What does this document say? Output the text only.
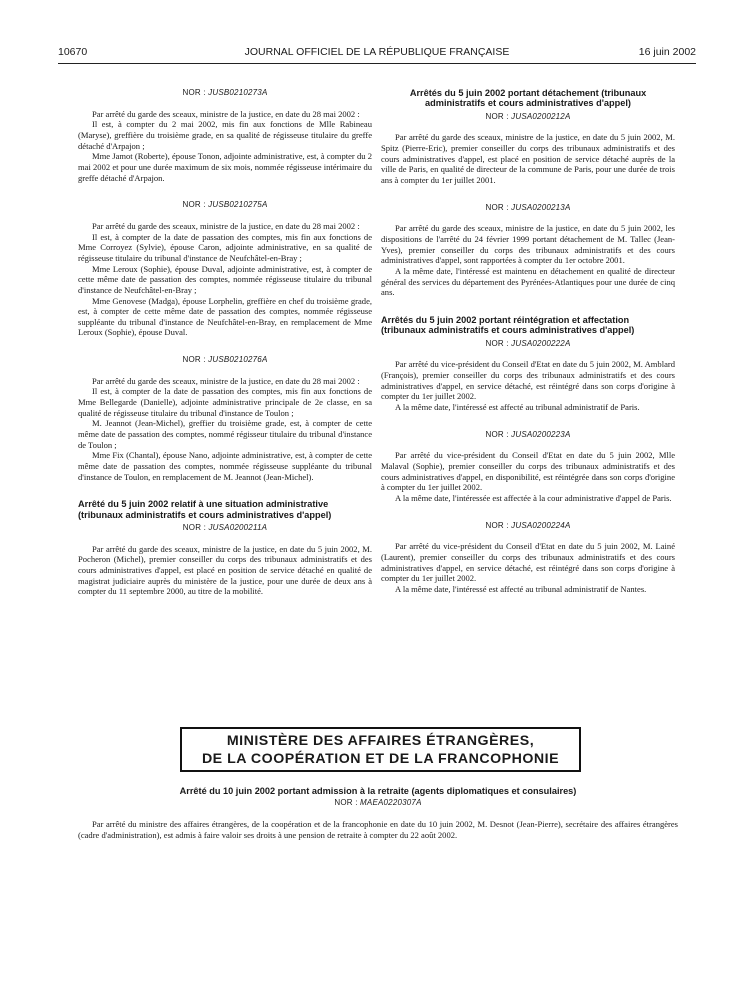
10670	JOURNAL OFFICIEL DE LA RÉPUBLIQUE FRANÇAISE	16 juin 2002

NOR : JUSB0210273A

Par arrêté du garde des sceaux, ministre de la justice, en date du 28 mai 2002 :

Il est, à compter du 2 mai 2002, mis fin aux fonctions de Mlle Rabineau (Maryse), greffière du troisième grade, en sa qualité de régisseuse titulaire du greffe détaché d'Arpajon ;

Mme Jamot (Roberte), épouse Tonon, adjointe administrative, est, à compter du 2 mai 2002 et pour une durée maximum de six mois, nommée régisseuse intérimaire du greffe détaché d'Arpajon.

NOR : JUSB0210275A

Par arrêté du garde des sceaux, ministre de la justice, en date du 28 mai 2002 :

Il est, à compter de la date de passation des comptes, mis fin aux fonctions de Mme Corroyez (Sylvie), épouse Caron, adjointe administrative, en sa qualité de régisseuse titulaire du tribunal d'instance de Neufchâtel-en-Bray ;

Mme Leroux (Sophie), épouse Duval, adjointe administrative, est, à compter de cette même date de passation des comptes, nommée régisseuse titulaire du tribunal d'instance de Neufchâtel-en-Bray ;

Mme Genovese (Madga), épouse Lorphelin, greffière en chef du troisième grade, est, à compter de cette même date de passation des comptes, nommée régisseuse suppléante du tribunal d'instance de Neufchâtel-en-Bray, en remplacement de Mme Leroux (Sophie), épouse Duval.

NOR : JUSB0210276A

Par arrêté du garde des sceaux, ministre de la justice, en date du 28 mai 2002 :

Il est, à compter de la date de passation des comptes, mis fin aux fonctions de Mme Bellegarde (Danielle), adjointe administrative principale de 2e classe, en sa qualité de régisseuse titulaire du tribunal d'instance de Toulon ;

M. Jeannot (Jean-Michel), greffier du troisième grade, est, à compter de cette même date de passation des comptes, nommé régisseur titulaire du tribunal d'instance de Toulon ;

Mme Fix (Chantal), épouse Nano, adjointe administrative, est, à compter de cette même date de passation des comptes, nommée régisseuse suppléante du tribunal d'instance de Toulon, en remplacement de M. Jeannot (Jean-Michel).

Arrêté du 5 juin 2002 relatif à une situation administrative (tribunaux administratifs et cours administratives d'appel)

NOR : JUSA0200211A

Par arrêté du garde des sceaux, ministre de la justice, en date du 5 juin 2002, M. Pocheron (Michel), premier conseiller du corps des tribunaux administratifs et des cours administratives d'appel, est placé en position de service détaché en qualité de magistrat judiciaire auprès du ministère de la justice, pour une durée de deux ans à compter du 11 septembre 2000, au titre de la mobilité.

Arrêtés du 5 juin 2002 portant détachement (tribunaux administratifs et cours administratives d'appel)

NOR : JUSA0200212A

Par arrêté du garde des sceaux, ministre de la justice, en date du 5 juin 2002, M. Spitz (Pierre-Eric), premier conseiller du corps des tribunaux administratifs et des cours administratives d'appel, est placé en position de service détaché auprès de la ville de Paris, en qualité de directeur de la commune de Paris, pour une durée de trois ans à compter du 1er juillet 2001.

NOR : JUSA0200213A

Par arrêté du garde des sceaux, ministre de la justice, en date du 5 juin 2002, les dispositions de l'arrêté du 24 février 1999 portant détachement de M. Tallec (Jean-Yves), premier conseiller du corps des tribunaux administratifs et des cours administratives d'appel, sont rapportées à compter du 1er octobre 2001.

A la même date, l'intéressé est maintenu en détachement en qualité de directeur général des services du département des Pyrénées-Atlantiques pour une durée de cinq ans.

Arrêtés du 5 juin 2002 portant réintégration et affectation (tribunaux administratifs et cours administratives d'appel)

NOR : JUSA0200222A

Par arrêté du vice-président du Conseil d'Etat en date du 5 juin 2002, M. Amblard (François), premier conseiller du corps des tribunaux administratifs et des cours administratives d'appel, en service détaché, est réintégré dans son corps d'origine à compter du 1er juillet 2002.

A la même date, l'intéressé est affecté au tribunal administratif de Paris.

NOR : JUSA0200223A

Par arrêté du vice-président du Conseil d'Etat en date du 5 juin 2002, Mlle Malaval (Sophie), premier conseiller du corps des tribunaux administratifs et des cours administratives d'appel, en disponibilité, est réintégrée dans son corps d'origine à compter du 1er juillet 2002.

A la même date, l'intéressée est affectée à la cour administrative d'appel de Paris.

NOR : JUSA0200224A

Par arrêté du vice-président du Conseil d'Etat en date du 5 juin 2002, M. Lainé (Laurent), premier conseiller du corps des tribunaux administratifs et des cours administratives d'appel, en service détaché, est réintégré dans son corps d'origine à compter du 1er juillet 2002.

A la même date, l'intéressé est affecté au tribunal administratif de Nantes.

MINISTÈRE DES AFFAIRES ÉTRANGÈRES,
DE LA COOPÉRATION ET DE LA FRANCOPHONIE

Arrêté du 10 juin 2002 portant admission à la retraite (agents diplomatiques et consulaires)

NOR : MAEA0220307A

Par arrêté du ministre des affaires étrangères, de la coopération et de la francophonie en date du 10 juin 2002, M. Desnot (Jean-Pierre), secrétaire des affaires étrangères (cadre d'administration), est admis à faire valoir ses droits à une pension de retraite à compter du 22 août 2002.
